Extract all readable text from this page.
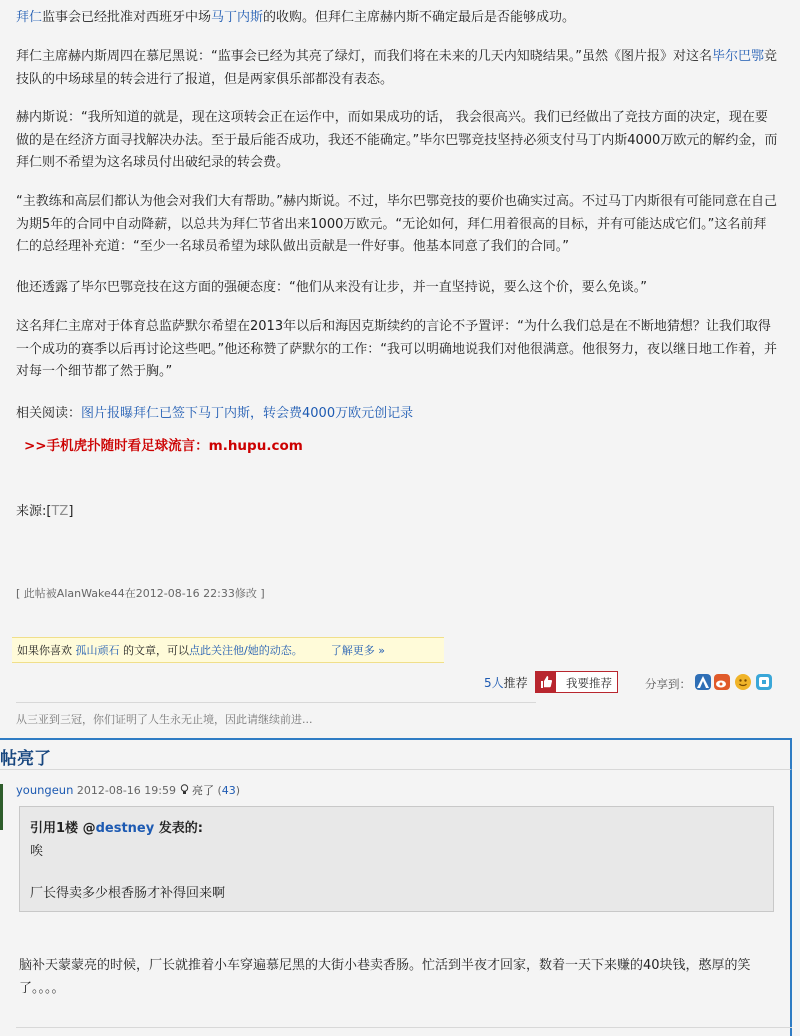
拜仁监事会已经批准对西班牙中场马丁内斯的收购。但拜仁主席赫内斯不确定最后是否能够成功。

拜仁主席赫内斯周四在慕尼黑说：“监事会已经为其亮了绿灯，而我们将在未来的几天内知晓结果。”虽然《图片报》对这名毕尔巴鄂竞技队的中场球星的转会进行了报道，但是两家俱乐部都没有表态。

赫内斯说：“我所知道的就是，现在这项转会正在运作中，而如果成功的话， 我会很高兴。我们已经做出了竞技方面的决定，现在要做的是在经济方面寻找解决办法。至于最后能否成功，我还不能确定。”毕尔巴鄂竞技坚持必须支付马丁内斯4000万欧元的解约金，而拜仁则不希望为这名球员付出破纪录的转会费。

“主教练和高层们都认为他会对我们大有帮助。”赫内斯说。不过，毕尔巴鄂竞技的要价也确实过高。不过马丁内斯很有可能同意在自己为期5年的合同中自动降薪，以总共为拜仁节省出来1000万欧元。“无论如何，拜仁用着很高的目标，并有可能达成它们。”这名前拜仁的总经理补充道：“至少一名球员希望为球队做出贡献是一件好事。他基本同意了我们的合同。”

他还透露了毕尔巴鄂竞技在这方面的强硬态度：“他们从来没有让步，并一直坚持说，要么这个价，要么免谈。”

这名拜仁主席对于体育总监萨默尔希望在2013年以后和海因克斯续约的言论不予置评：“为什么我们总是在不断地猜想？让我们取得一个成功的赛季以后再讨论这些吧。”他还称赞了萨默尔的工作：“我可以明确地说我们对他很满意。他很努力，夜以继日地工作着，并对每一个细节都了然于胸。”

相关阅读：图片报曝拜仁已签下马丁内斯，转会费4000万欧元创记录

>>手机虎扑随时看足球流言：m.hupu.com
来源:[TZ]
[ 此帖被AlanWake44在2012-08-16 22:33修改 ]
如果你喜欢 孤山顽石 的文章，可以点此关注他/她的动态。	了解更多 »
5人推荐	我要推荐	分享到：
从三亚到三冠，你们证明了人生永无止境，因此请继续前进...
帖亮了
youngeun 2012-08-16 19:59 亮了 (43)
引用1楼 @destney 发表的:
唉
厂长得卖多少根香肠才补得回来啊
脑补天蒙蒙亮的时候，厂长就推着小车穿遍慕尼黑的大街小巷卖香肠。忙活到半夜才回家，数着一天下来赚的40块钱，憨厚的笑了。。。。
